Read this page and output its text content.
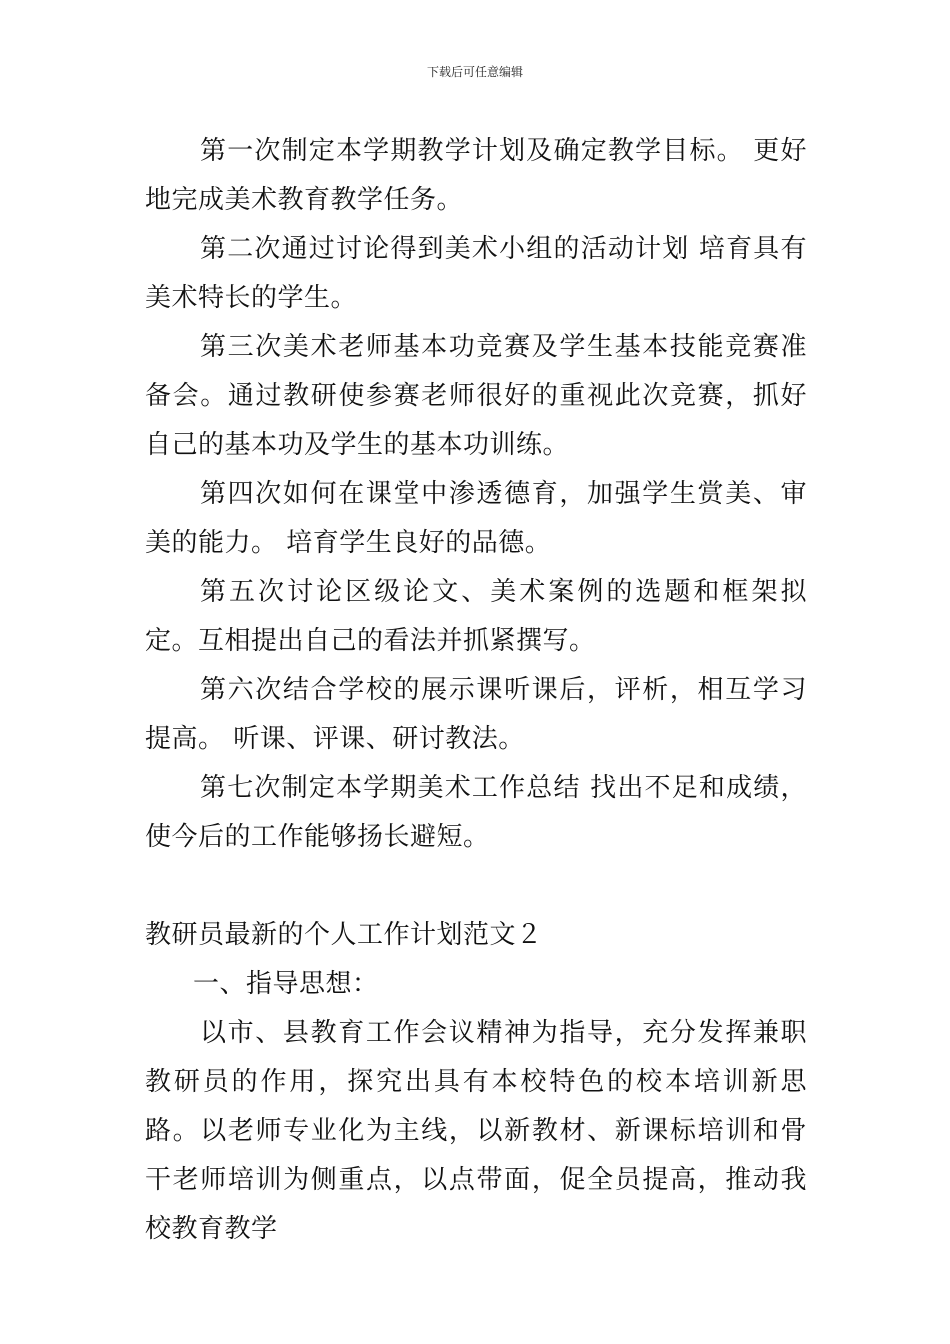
下载后可任意编辑

第一次制定本学期教学计划及确定教学目标。 更好地完成美术教育教学任务。

第二次通过讨论得到美术小组的活动计划 培育具有美术特长的学生。

第三次美术老师基本功竞赛及学生基本技能竞赛准备会。通过教研使参赛老师很好的重视此次竞赛，抓好自己的基本功及学生的基本功训练。

第四次如何在课堂中渗透德育，加强学生赏美、审美的能力。 培育学生良好的品德。

第五次讨论区级论文、美术案例的选题和框架拟定。互相提出自己的看法并抓紧撰写。

第六次结合学校的展示课听课后，评析，相互学习提高。 听课、评课、研讨教法。

第七次制定本学期美术工作总结 找出不足和成绩，使今后的工作能够扬长避短。

教研员最新的个人工作计划范文２

一、指导思想：

以市、县教育工作会议精神为指导，充分发挥兼职教研员的作用，探究出具有本校特色的校本培训新思路。以老师专业化为主线，以新教材、新课标培训和骨干老师培训为侧重点，以点带面，促全员提高，推动我校教育教学
